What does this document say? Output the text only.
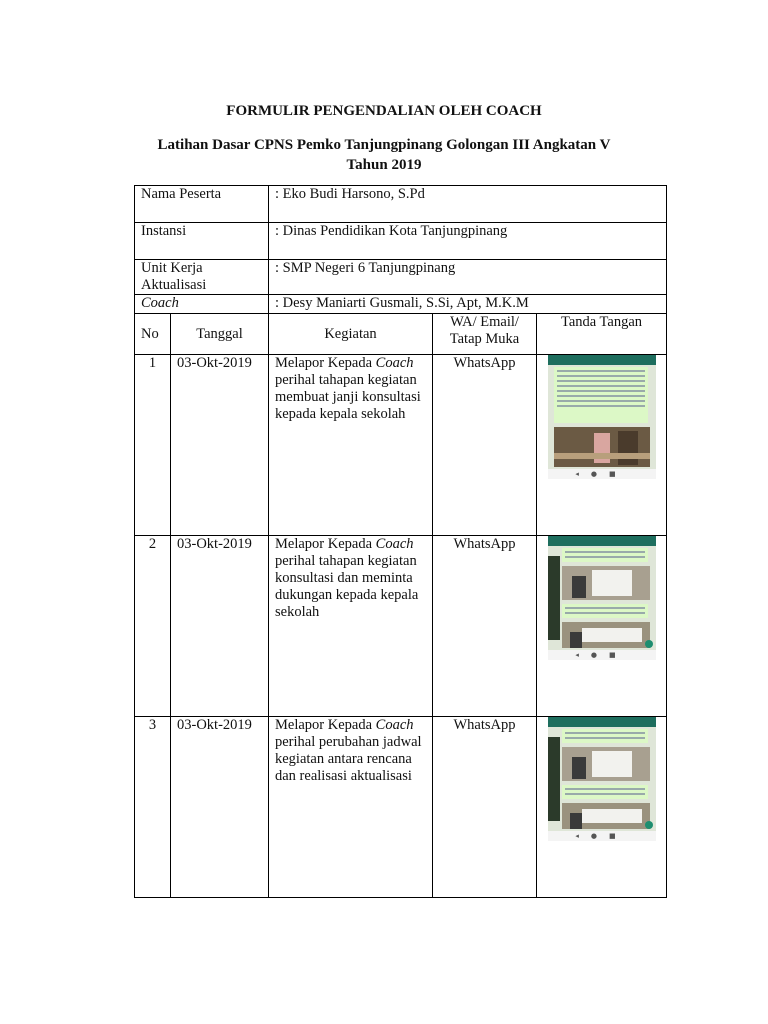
FORMULIR PENGENDALIAN OLEH COACH
Latihan Dasar CPNS Pemko Tanjungpinang Golongan III Angkatan V
Tahun 2019
Nama Peserta		: Eko Budi Harsono, S.Pd		
Instansi		: Dinas Pendidikan Kota Tanjungpinang		

Unit Kerja
Aktualisasi		: SMP Negeri 6 Tanjungpinang		
Coach		: Desy Maniarti Gusmali, S.Si, Apt, M.K.M		
No	Tanggal	Kegiatan	WA/ Email/
Tatap Muka	Tanda Tangan
1	03-Okt-2019	Melapor Kepada Coach perihal tahapan kegiatan membuat janji konsultasi kepada kepala sekolah	WhatsApp	◂●■

2	03-Okt-2019	Melapor Kepada Coach perihal tahapan kegiatan konsultasi dan meminta dukungan kepada kepala sekolah	WhatsApp	◂●■

3	03-Okt-2019	Melapor Kepada Coach perihal perubahan jadwal kegiatan antara rencana dan realisasi aktualisasi	WhatsApp	◂●■
